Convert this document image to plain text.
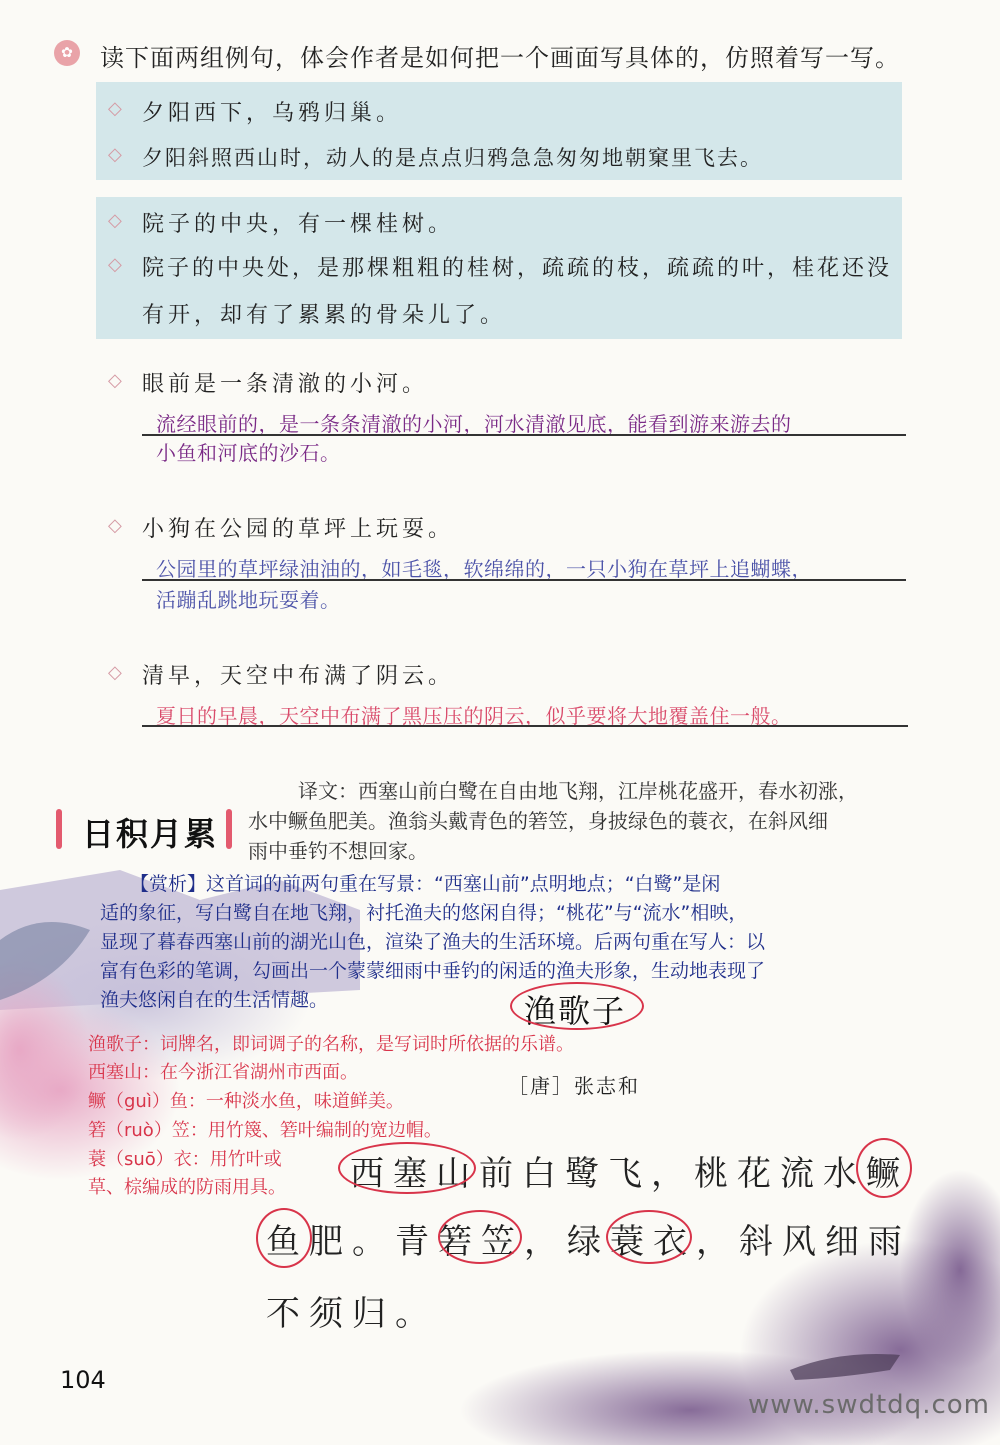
✿ 读下面两组例句，体会作者是如何把一个画面写具体的，仿照着写一写。
◇ 夕阳西下，乌鸦归巢。
◇ 夕阳斜照西山时，动人的是点点归鸦急急匆匆地朝窠里飞去。
◇ 院子的中央，有一棵桂树。
◇ 院子的中央处，是那棵粗粗的桂树，疏疏的枝，疏疏的叶，桂花还没
有开，却有了累累的骨朵儿了。
◇ 眼前是一条清澈的小河。
流经眼前的，是一条条清澈的小河，河水清澈见底，能看到游来游去的
小鱼和河底的沙石。
◇ 小狗在公园的草坪上玩耍。
公园里的草坪绿油油的，如毛毯，软绵绵的，一只小狗在草坪上追蝴蝶，
活蹦乱跳地玩耍着。
◇ 清早，天空中布满了阴云。
夏日的早晨，天空中布满了黑压压的阴云，似乎要将大地覆盖住一般。
日积月累
译文：西塞山前白鹭在自由地飞翔，江岸桃花盛开，春水初涨，
水中鳜鱼肥美。渔翁头戴青色的箬笠，身披绿色的蓑衣，在斜风细
雨中垂钓不想回家。
【赏析】这首词的前两句重在写景：“西塞山前”点明地点；“白鹭”是闲
适的象征，写白鹭自在地飞翔，衬托渔夫的悠闲自得；“桃花”与“流水”相映，
显现了暮春西塞山前的湖光山色，渲染了渔夫的生活环境。后两句重在写人：以
富有色彩的笔调，勾画出一个蒙蒙细雨中垂钓的闲适的渔夫形象，生动地表现了
渔夫悠闲自在的生活情趣。	渔歌子
渔歌子：词牌名，即词调子的名称，是写词时所依据的乐谱。
西塞山：在今浙江省湖州市西面。
［唐］张志和
鳜（guì）鱼：一种淡水鱼，味道鲜美。
箬（ruò）笠：用竹篾、箬叶编制的宽边帽。
蓑（suō）衣：用竹叶或
草、棕编成的防雨用具。 西塞山前白鹭飞，桃花流水鳜
鱼肥。青箬笠，绿蓑衣，斜风细雨
不须归。
104
www.swdtdq.com
